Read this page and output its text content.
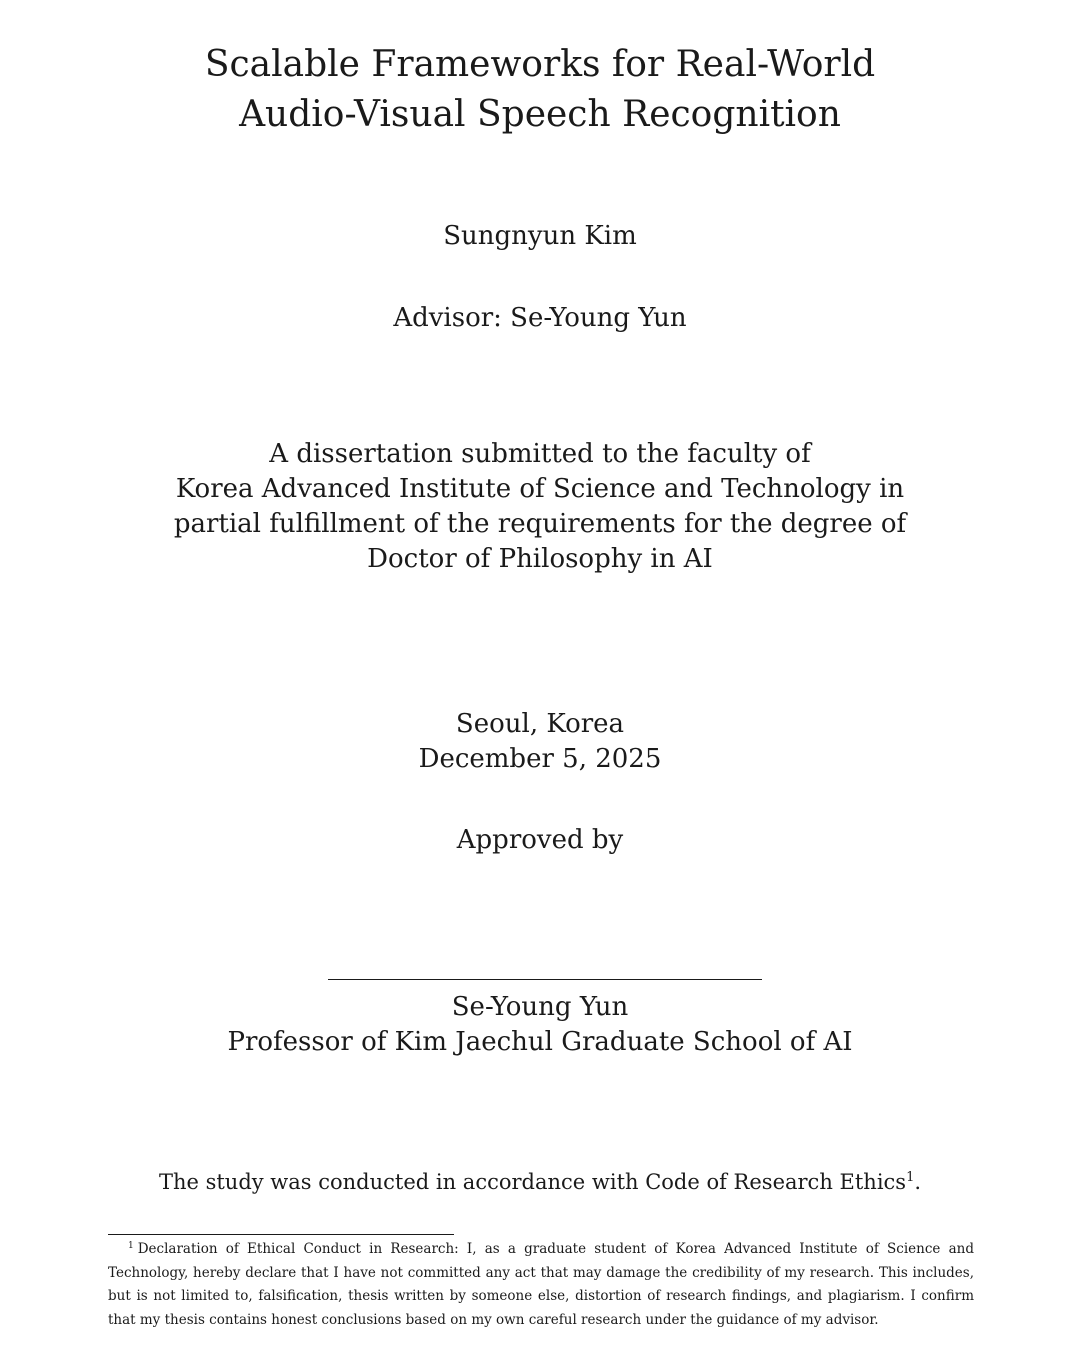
Scalable Frameworks for Real-World
Audio-Visual Speech Recognition
Sungnyun Kim
Advisor: Se-Young Yun
A dissertation submitted to the faculty of
Korea Advanced Institute of Science and Technology in
partial fulfillment of the requirements for the degree of
Doctor of Philosophy in AI
Seoul, Korea
December 5, 2025
Approved by
Se-Young Yun
Professor of Kim Jaechul Graduate School of AI
The study was conducted in accordance with Code of Research Ethics$^1$.
$^1$ Declaration of Ethical Conduct in Research: I, as a graduate student of Korea Advanced Institute of Science and Technology, hereby declare that I have not committed any act that may damage the credibility of my research. This includes, but is not limited to, falsification, thesis written by someone else, distortion of research findings, and plagiarism. I confirm that my thesis contains honest conclusions based on my own careful research under the guidance of my advisor.
